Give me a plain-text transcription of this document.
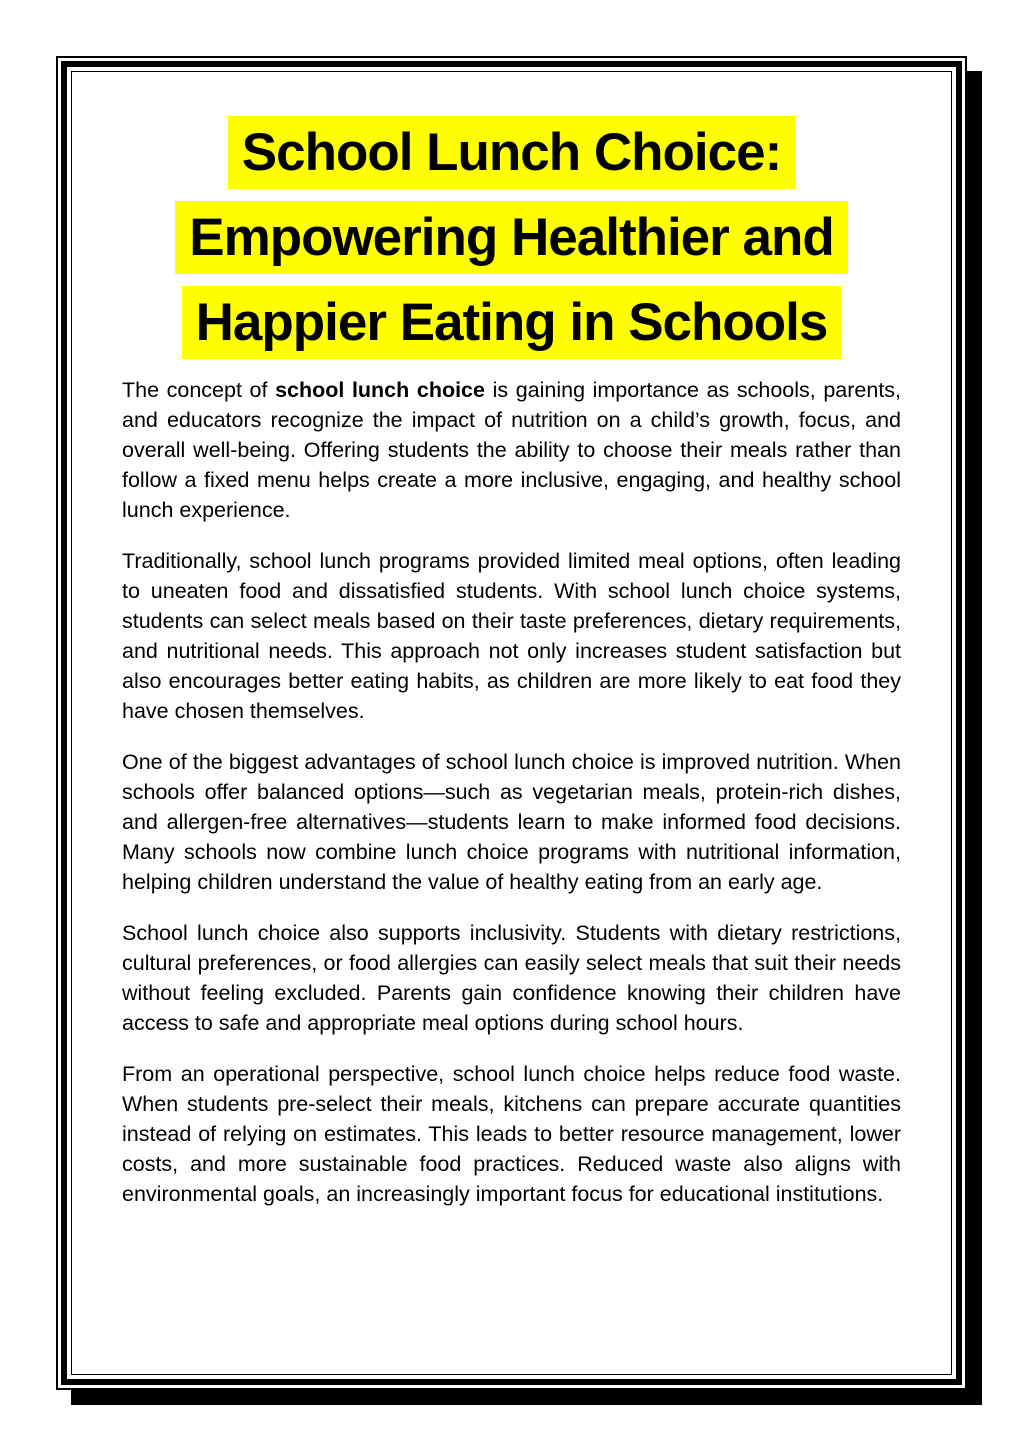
School Lunch Choice:
Empowering Healthier and
Happier Eating in Schools

The concept of school lunch choice is gaining importance as schools, parents, and educators recognize the impact of nutrition on a child’s growth, focus, and overall well-being. Offering students the ability to choose their meals rather than follow a fixed menu helps create a more inclusive, engaging, and healthy school lunch experience.

Traditionally, school lunch programs provided limited meal options, often leading to uneaten food and dissatisfied students. With school lunch choice systems, students can select meals based on their taste preferences, dietary requirements, and nutritional needs. This approach not only increases student satisfaction but also encourages better eating habits, as children are more likely to eat food they have chosen themselves.

One of the biggest advantages of school lunch choice is improved nutrition. When schools offer balanced options—such as vegetarian meals, protein-rich dishes, and allergen-free alternatives—students learn to make informed food decisions. Many schools now combine lunch choice programs with nutritional information, helping children understand the value of healthy eating from an early age.

School lunch choice also supports inclusivity. Students with dietary restrictions, cultural preferences, or food allergies can easily select meals that suit their needs without feeling excluded. Parents gain confidence knowing their children have access to safe and appropriate meal options during school hours.

From an operational perspective, school lunch choice helps reduce food waste. When students pre-select their meals, kitchens can prepare accurate quantities instead of relying on estimates. This leads to better resource management, lower costs, and more sustainable food practices. Reduced waste also aligns with environmental goals, an increasingly important focus for educational institutions.
